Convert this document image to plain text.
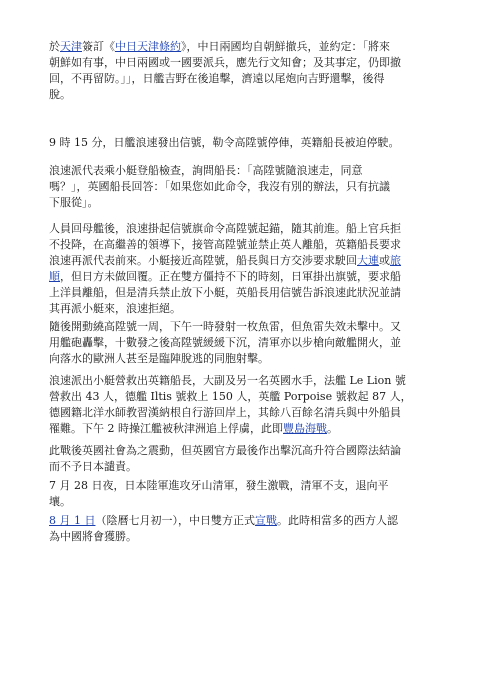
於天津簽訂《中日天津條約》，中日兩國均自朝鮮撤兵，並約定：「將來
朝鮮如有事，中日兩國或一國要派兵，應先行文知會；及其事定，仍即撤
回，不再留防。」」，日艦吉野在後追擊，濟遠以尾炮向吉野還擊，後得
脫。
9 時 15 分，日艦浪速發出信號，勒令高陞號停俥，英籍船長被迫停駛。
浪速派代表乘小艇登船檢查，詢問船長：「高陞號隨浪速走，同意
嗎？」，英國船長回答：「如果您如此命令，我沒有別的辦法，只有抗議
下服從」。
人員回母艦後，浪速掛起信號旗命令高陞號起錨，隨其前進。船上官兵拒
不投降，在高繼善的領導下，接管高陞號並禁止英人離船，英籍船長要求
浪速再派代表前來。小艇接近高陞號，船長與日方交涉要求駛回大連或旅
順，但日方未做回覆。正在雙方僵持不下的時刻，日軍掛出旗號，要求船
上洋員離船，但是清兵禁止放下小艇，英船長用信號告訴浪速此狀況並請
其再派小艇來，浪速拒絕。
隨後開動繞高陞號一周，下午一時發射一枚魚雷，但魚雷失效未擊中。又
用艦砲轟擊，十數發之後高陞號緩緩下沉，清軍亦以步槍向敵艦開火，並
向落水的歐洲人甚至是臨陣脫逃的同胞射擊。
浪速派出小艇營救出英籍船長，大副及另一名英國水手，法艦 Le Lion 號
營救出 43 人，德艦 Iltis 號救上 150 人，英艦 Porpoise 號救起 87 人，
德國籍北洋水師教習漢納根自行游回岸上，其餘八百餘名清兵與中外船員
罹難。下午 2 時操江艦被秋津洲追上俘虜，此即豐島海戰。
此戰後英國社會為之震動，但英國官方最後作出擊沉高升符合國際法結論
而不予日本譴責。
7 月 28 日夜，日本陸軍進攻牙山清軍，發生激戰，清軍不支，退向平
壤。
8 月 1 日（陰曆七月初一），中日雙方正式宣戰。此時相當多的西方人認
為中國將會獲勝。
